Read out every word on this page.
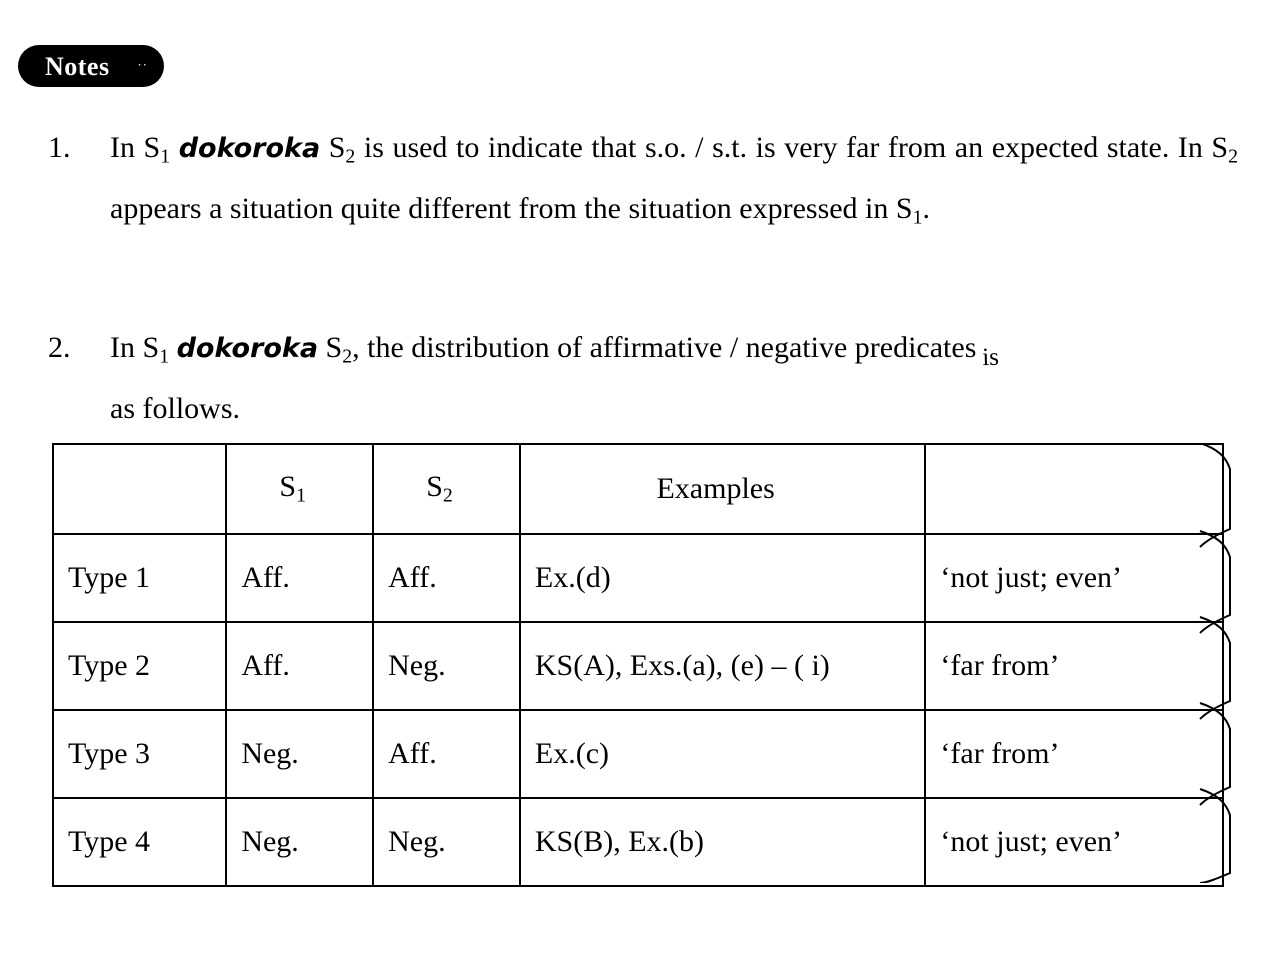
Notes ··
1.	In $S_1$ dokoroka $S_2$ is used to indicate that s.o. / s.t. is very far from an expected state. In $S_2$ appears a situation quite different from the situation expressed in $S_1$.

2.	In $S_1$ dokoroka $S_2$, the distribution of affirmative / negative predicates is

as follows.

	$S_1$	$S_2$	Examples	
Type 1	Aff.	Aff.	Ex.(d)	‘not just; even’
Type 2	Aff.	Neg.	KS(A), Exs.(a), (e) – ( i)	‘far from’
Type 3	Neg.	Aff.	Ex.(c)	‘far from’
Type 4	Neg.	Neg.	KS(B), Ex.(b)	‘not just; even’
